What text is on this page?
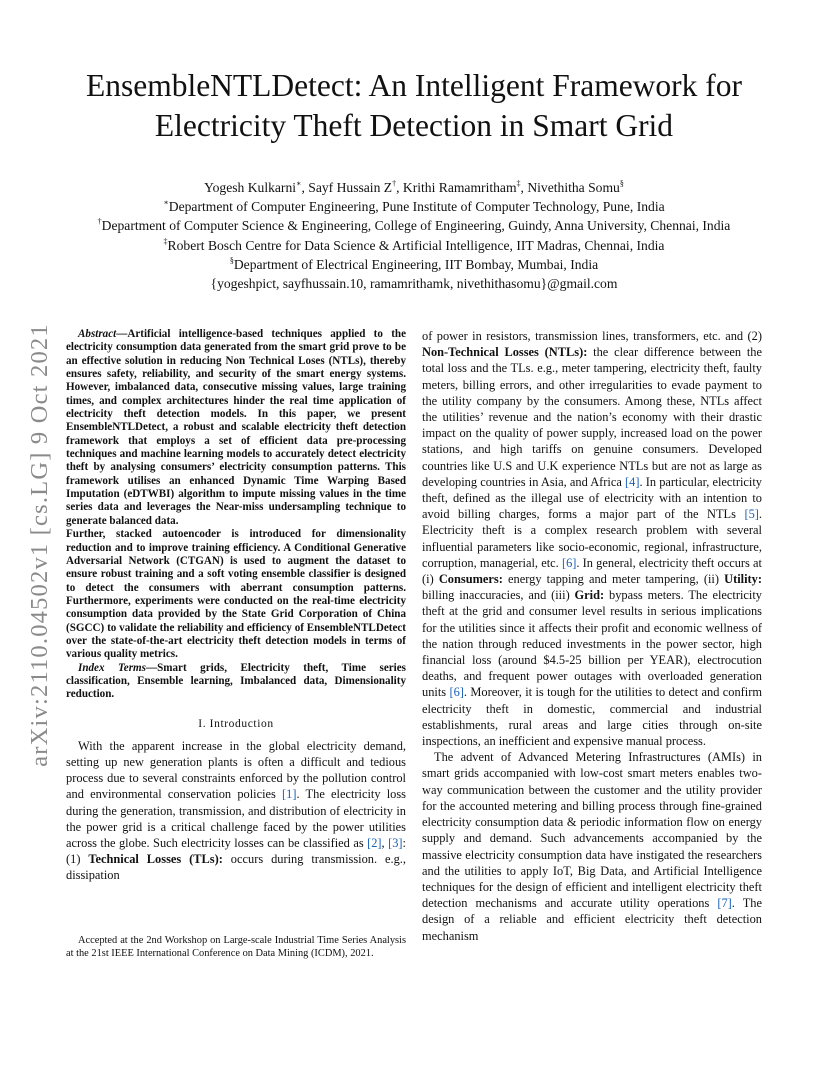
arXiv:2110.04502v1 [cs.LG] 9 Oct 2021
EnsembleNTLDetect: An Intelligent Framework for
Electricity Theft Detection in Smart Grid
Yogesh Kulkarni∗, Sayf Hussain Z†, Krithi Ramamritham‡, Nivethitha Somu§
∗Department of Computer Engineering, Pune Institute of Computer Technology, Pune, India
†Department of Computer Science & Engineering, College of Engineering, Guindy, Anna University, Chennai, India
‡Robert Bosch Centre for Data Science & Artificial Intelligence, IIT Madras, Chennai, India
§Department of Electrical Engineering, IIT Bombay, Mumbai, India
{yogeshpict, sayfhussain.10, ramamrithamk, nivethithasomu}@gmail.com

Abstract—Artificial intelligence-based techniques applied to the electricity consumption data generated from the smart grid prove to be an effective solution in reducing Non Technical Loses (NTLs), thereby ensures safety, reliability, and security of the smart energy systems. However, imbalanced data, consecutive missing values, large training times, and complex architectures hinder the real time application of electricity theft detection models. In this paper, we present EnsembleNTLDetect, a robust and scalable electricity theft detection framework that employs a set of efficient data pre-processing techniques and machine learning models to accurately detect electricity theft by analysing consumers’ electricity consumption patterns. This framework utilises an enhanced Dynamic Time Warping Based Imputation (eDTWBI) algorithm to impute missing values in the time series data and leverages the Near-miss undersampling technique to generate balanced data.

Further, stacked autoencoder is introduced for dimensionality reduction and to improve training efficiency. A Conditional Generative Adversarial Network (CTGAN) is used to augment the dataset to ensure robust training and a soft voting ensemble classifier is designed to detect the consumers with aberrant consumption patterns. Furthermore, experiments were conducted on the real-time electricity consumption data provided by the State Grid Corporation of China (SGCC) to validate the reliability and efficiency of EnsembleNTLDetect over the state-of-the-art electricity theft detection models in terms of various quality metrics.

Index Terms—Smart grids, Electricity theft, Time series classification, Ensemble learning, Imbalanced data, Dimensionality reduction.

I. Introduction

With the apparent increase in the global electricity demand, setting up new generation plants is often a difficult and tedious process due to several constraints enforced by the pollution control and environmental conservation policies [1]. The electricity loss during the generation, transmission, and distribution of electricity in the power grid is a critical challenge faced by the power utilities across the globe. Such electricity losses can be classified as [2], [3]: (1) Technical Losses (TLs): occurs during transmission. e.g., dissipation

Accepted at the 2nd Workshop on Large-scale Industrial Time Series Analysis at the 21st IEEE International Conference on Data Mining (ICDM), 2021.

of power in resistors, transmission lines, transformers, etc. and (2) Non-Technical Losses (NTLs): the clear difference between the total loss and the TLs. e.g., meter tampering, electricity theft, faulty meters, billing errors, and other irregularities to evade payment to the utility company by the consumers. Among these, NTLs affect the utilities’ revenue and the nation’s economy with their drastic impact on the quality of power supply, increased load on the power stations, and high tariffs on genuine consumers. Developed countries like U.S and U.K experience NTLs but are not as large as developing countries in Asia, and Africa [4]. In particular, electricity theft, defined as the illegal use of electricity with an intention to avoid billing charges, forms a major part of the NTLs [5]. Electricity theft is a complex research problem with several influential parameters like socio-economic, regional, infrastructure, corruption, managerial, etc. [6]. In general, electricity theft occurs at (i) Consumers: energy tapping and meter tampering, (ii) Utility: billing inaccuracies, and (iii) Grid: bypass meters. The electricity theft at the grid and consumer level results in serious implications for the utilities since it affects their profit and economic wellness of the nation through reduced investments in the power sector, high financial loss (around $4.5-25 billion per YEAR), electrocution deaths, and frequent power outages with overloaded generation units [6]. Moreover, it is tough for the utilities to detect and confirm electricity theft in domestic, commercial and industrial establishments, rural areas and large cities through on-site inspections, an inefficient and expensive manual process.

The advent of Advanced Metering Infrastructures (AMIs) in smart grids accompanied with low-cost smart meters enables two-way communication between the customer and the utility provider for the accounted metering and billing process through fine-grained electricity consumption data & periodic information flow on energy supply and demand. Such advancements accompanied by the massive electricity consumption data have instigated the researchers and the utilities to apply IoT, Big Data, and Artificial Intelligence techniques for the design of efficient and intelligent electricity theft detection mechanisms and accurate utility operations [7]. The design of a reliable and efficient electricity theft detection mechanism
